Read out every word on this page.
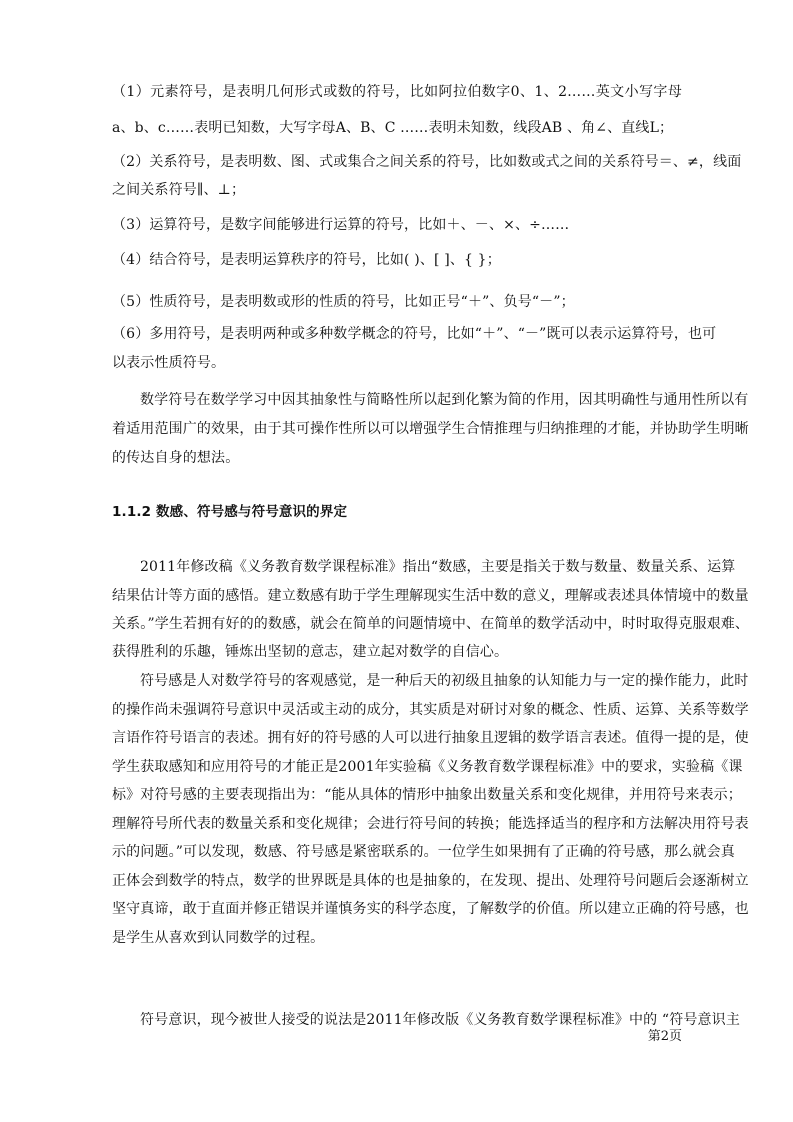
（1）元素符号，是表明几何形式或数的符号，比如阿拉伯数字0、1、2……英文小写字母
a、b、c……表明已知数，大写字母A、B、C ……表明未知数，线段AB 、角∠、直线L；
（2）关系符号，是表明数、图、式或集合之间关系的符号，比如数或式之间的关系符号＝、≠，线面
之间关系符号∥、⊥；
（3）运算符号，是数字间能够进行运算的符号，比如＋、－、×、÷……
（4）结合符号，是表明运算秩序的符号，比如( )、[ ]、{ }；
（5）性质符号，是表明数或形的性质的符号，比如正号“＋”、负号“－”；
（6）多用符号，是表明两种或多种数学概念的符号，比如“＋”、“－”既可以表示运算符号，也可
以表示性质符号。
数学符号在数学学习中因其抽象性与简略性所以起到化繁为简的作用，因其明确性与通用性所以有
着适用范围广的效果，由于其可操作性所以可以增强学生合情推理与归纳推理的才能，并协助学生明晰
的传达自身的想法。
1.1.2 数感、符号感与符号意识的界定
2011年修改稿《义务教育数学课程标准》指出“数感，主要是指关于数与数量、数量关系、运算
结果估计等方面的感悟。建立数感有助于学生理解现实生活中数的意义，理解或表述具体情境中的数量
关系。”学生若拥有好的的数感，就会在简单的问题情境中、在简单的数学活动中，时时取得克服艰难、
获得胜利的乐趣，锤炼出坚韧的意志，建立起对数学的自信心。
符号感是人对数学符号的客观感觉，是一种后天的初级且抽象的认知能力与一定的操作能力，此时
的操作尚未强调符号意识中灵活或主动的成分，其实质是对研讨对象的概念、性质、运算、关系等数学
言语作符号语言的表述。拥有好的符号感的人可以进行抽象且逻辑的数学语言表述。值得一提的是，使
学生获取感知和应用符号的才能正是2001年实验稿《义务教育数学课程标准》中的要求，实验稿《课
标》对符号感的主要表现指出为：“能从具体的情形中抽象出数量关系和变化规律，并用符号来表示；
理解符号所代表的数量关系和变化规律；会进行符号间的转换；能选择适当的程序和方法解决用符号表
示的问题。”可以发现，数感、符号感是紧密联系的。一位学生如果拥有了正确的符号感，那么就会真
正体会到数学的特点，数学的世界既是具体的也是抽象的，在发现、提出、处理符号问题后会逐渐树立
坚守真谛，敢于直面并修正错误并谨慎务实的科学态度，了解数学的价值。所以建立正确的符号感，也
是学生从喜欢到认同数学的过程。
符号意识，现今被世人接受的说法是2011年修改版《义务教育数学课程标准》中的 “符号意识主
第2页
